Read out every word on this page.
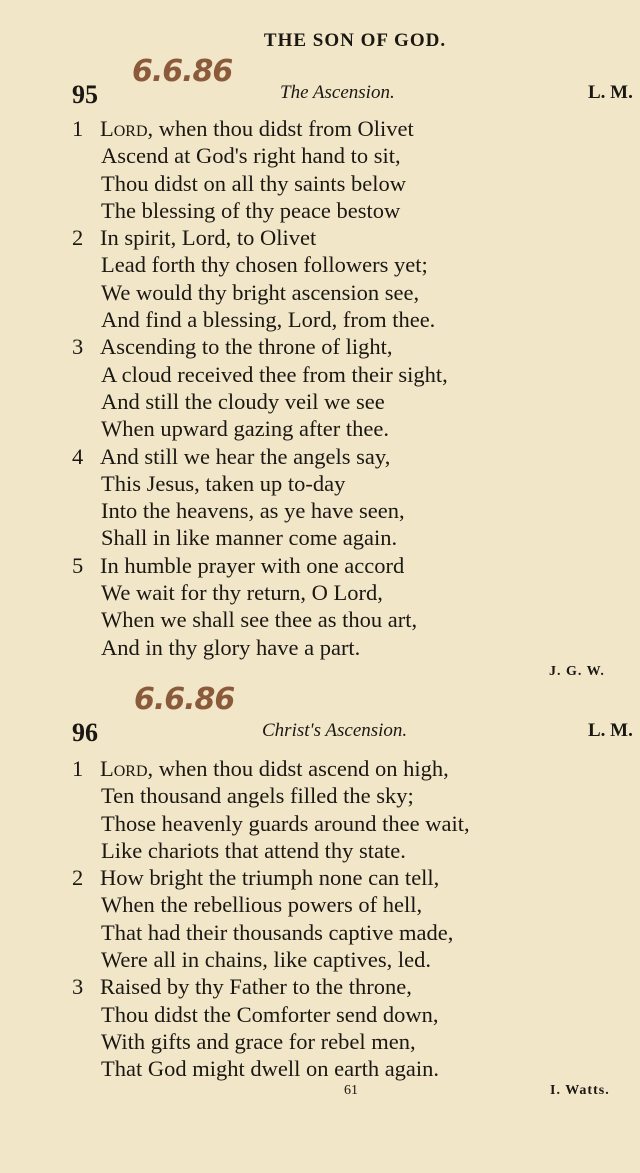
THE SON OF GOD.
95
6.6.86
The Ascension.	L. M.
1 Lord, when thou didst from Olivet
Ascend at God's right hand to sit,
Thou didst on all thy saints below
The blessing of thy peace bestow
2 In spirit, Lord, to Olivet
Lead forth thy chosen followers yet;
We would thy bright ascension see,
And find a blessing, Lord, from thee.
3 Ascending to the throne of light,
A cloud received thee from their sight,
And still the cloudy veil we see
When upward gazing after thee.
4 And still we hear the angels say,
This Jesus, taken up to-day
Into the heavens, as ye have seen,
Shall in like manner come again.
5 In humble prayer with one accord
We wait for thy return, O Lord,
When we shall see thee as thou art,
And in thy glory have a part.
J. G. W.
96
6.6.86
Christ's Ascension.	L. M.
1 Lord, when thou didst ascend on high,
Ten thousand angels filled the sky;
Those heavenly guards around thee wait,
Like chariots that attend thy state.
2 How bright the triumph none can tell,
When the rebellious powers of hell,
That had their thousands captive made,
Were all in chains, like captives, led.
3 Raised by thy Father to the throne,
Thou didst the Comforter send down,
With gifts and grace for rebel men,
That God might dwell on earth again.
61	I. Watts.
